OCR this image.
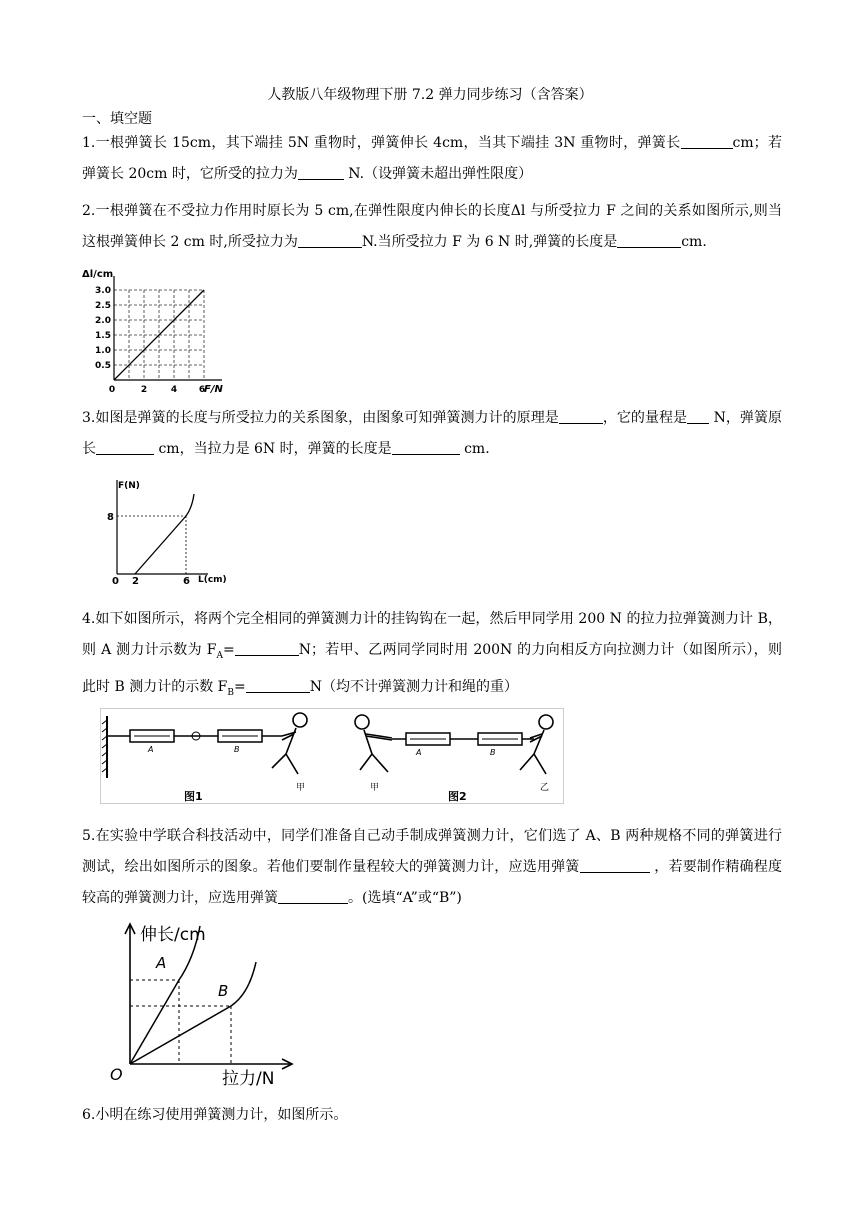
人教版八年级物理下册 7.2 弹力同步练习（含答案）
一、填空题
1.一根弹簧长 15cm，其下端挂 5N 重物时，弹簧伸长 4cm，当其下端挂 3N 重物时，弹簧长	cm；若弹簧长 20cm 时，它所受的拉力为	N.（设弹簧未超出弹性限度）
2.一根弹簧在不受拉力作用时原长为 5 cm,在弹性限度内伸长的长度Δl 与所受拉力 F 之间的关系如图所示,则当这根弹簧伸长 2 cm 时,所受拉力为	N.当所受拉力 F 为 6 N 时,弹簧的长度是	cm.
Δl/cm
F/N
3.0
2.5
2.0
1.5
1.0
0.5
0	2	4 6
3.如图是弹簧的长度与所受拉力的关系图象，由图象可知弹簧测力计的原理是	，它的量程是 N，弹簧原长	cm，当拉力是 6N 时，弹簧的长度是	cm.
F(N)
8
0 2	6 L(cm)
4.如下如图所示，将两个完全相同的弹簧测力计的挂钩钩在一起，然后甲同学用 200 N 的拉力拉弹簧测力计 B，则 A 测力计示数为 $F_A=$	N；若甲、乙两同学同时用 200N 的力向相反方向拉测力计（如图所示），则此时 B 测力计的示数 $F_B=$	N（均不计弹簧测力计和绳的重）
A	B
甲
图1
A	B
甲	乙
图2
5.在实验中学联合科技活动中，同学们准备自己动手制成弹簧测力计，它们选了 A、B 两种规格不同的弹簧进行测试，绘出如图所示的图象。若他们要制作量程较大的弹簧测力计，应选用弹簧	，若要制作精确程度较高的弹簧测力计，应选用弹簧	。(选填“A”或“B”)
伸长/cm
A
B
O	拉力/N
6.小明在练习使用弹簧测力计，如图所示。
